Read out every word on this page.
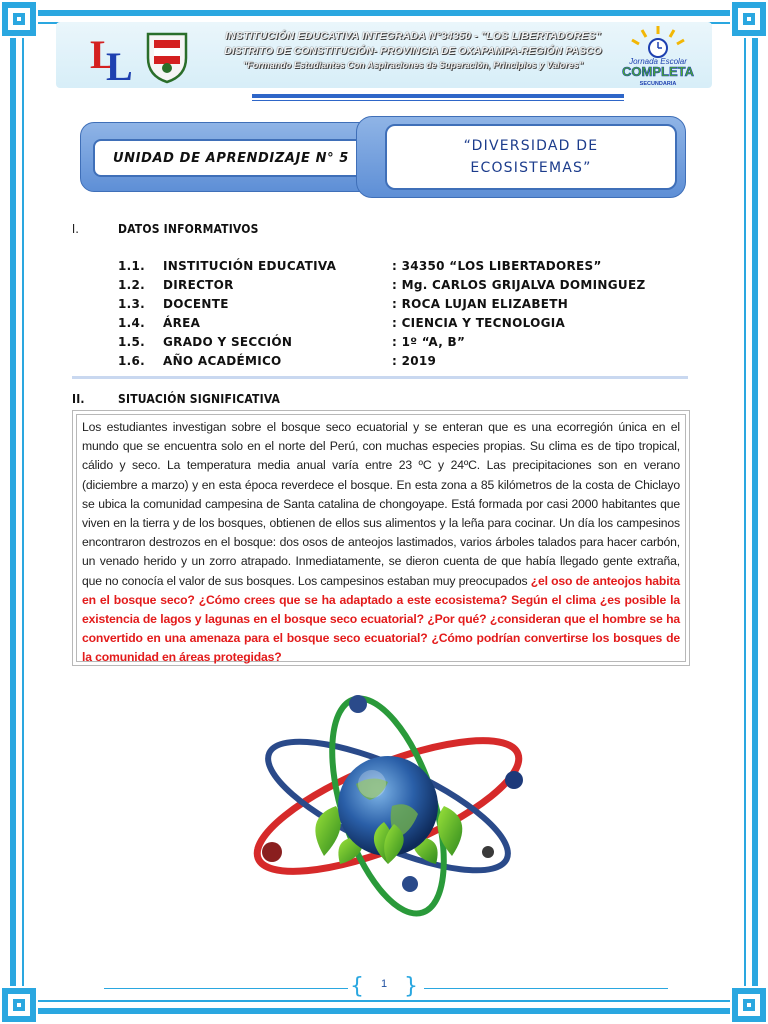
L
L
INSTITUCIÓN EDUCATIVA INTEGRADA N°34350 - "LOS LIBERTADORES"
DISTRITO DE CONSTITUCIÓN- PROVINCIA DE OXAPAMPA-REGIÓN PASCO
"Formando Estudiantes Con Aspiraciones de Superación, Principios y Valores"	Jornada Escolar
COMPLETA
SECUNDARIA
UNIDAD DE APRENDIZAJE N° 5
“DIVERSIDAD DE
ECOSISTEMAS”
I.	DATOS INFORMATIVOS
1.1. INSTITUCIÓN EDUCATIVA	: 34350 “LOS LIBERTADORES”
1.2. DIRECTOR	: Mg. CARLOS GRIJALVA DOMINGUEZ
1.3. DOCENTE	: ROCA LUJAN ELIZABETH
1.4. ÁREA	: CIENCIA Y TECNOLOGIA
1.5. GRADO Y SECCIÓN	: 1º “A, B”
1.6. AÑO ACADÉMICO	: 2019
II.	SITUACIÓN SIGNIFICATIVA

Los estudiantes investigan sobre el bosque seco ecuatorial y se enteran que es una ecorregión única en el mundo que se encuentra solo en el norte del Perú, con muchas especies propias. Su clima es de tipo tropical, cálido y seco. La temperatura media anual varía entre 23 ºC y 24ºC. Las precipitaciones son en verano (diciembre a marzo) y en esta época reverdece el bosque. En esta zona a 85 kilómetros de la costa de Chiclayo se ubica la comunidad campesina de Santa catalina de chongoyape. Está formada por casi 2000 habitantes que viven en la tierra y de los bosques, obtienen de ellos sus alimentos y la leña para cocinar. Un día los campesinos encontraron destrozos en el bosque: dos osos de anteojos lastimados, varios árboles talados para hacer carbón, un venado herido y un zorro atrapado. Inmediatamente, se dieron cuenta de que había llegado gente extraña, que no conocía el valor de sus bosques. Los campesinos estaban muy preocupados ¿el oso de anteojos habita en el bosque seco? ¿Cómo crees que se ha adaptado a este ecosistema? Según el clima ¿es posible la existencia de lagos y lagunas en el bosque seco ecuatorial? ¿Por qué? ¿consideran que el hombre se ha convertido en una amenaza para el bosque seco ecuatorial? ¿Cómo podrían convertirse los bosques de la comunidad en áreas protegidas?

{	1 }
